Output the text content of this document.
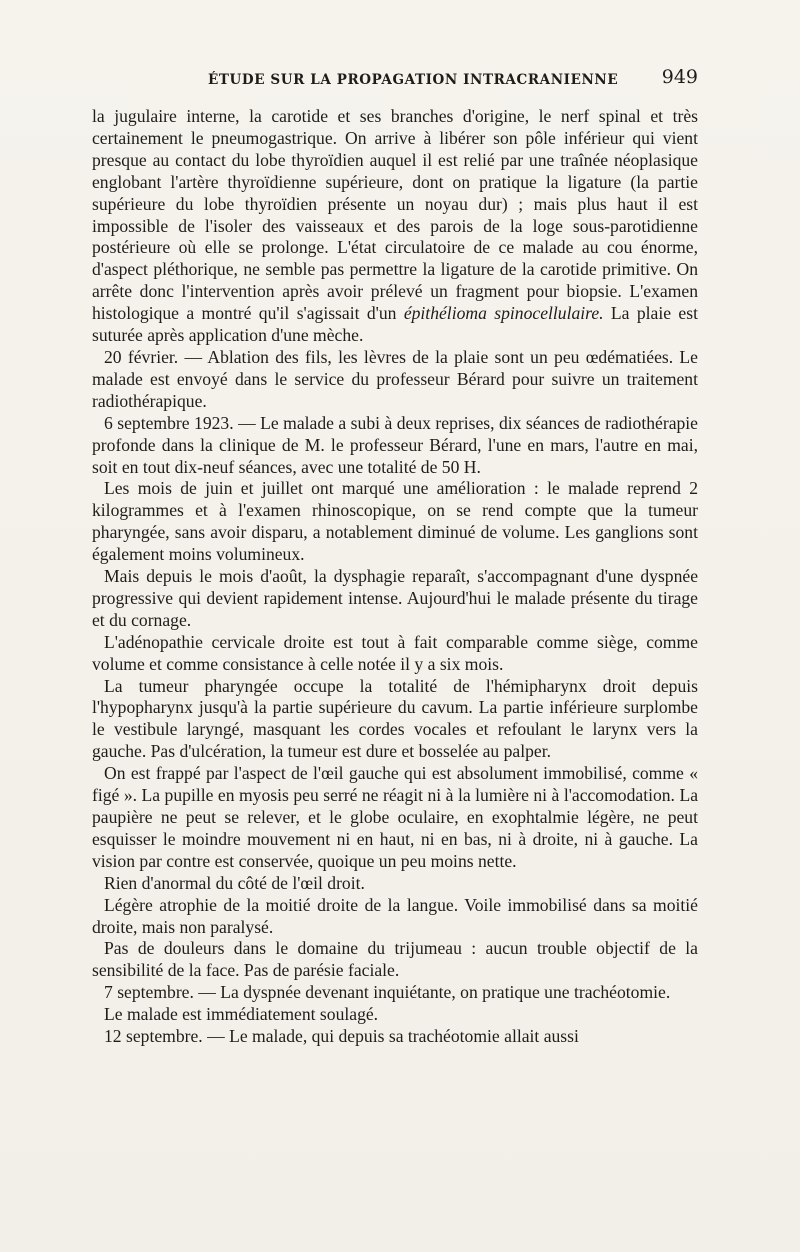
ÉTUDE SUR LA PROPAGATION INTRACRANIENNE 949

la jugulaire interne, la carotide et ses branches d'origine, le nerf spinal et très certainement le pneumogastrique. On arrive à libérer son pôle inférieur qui vient presque au contact du lobe thyroïdien auquel il est relié par une traînée néoplasique englobant l'artère thyroïdienne supérieure, dont on pratique la ligature (la partie supérieure du lobe thyroïdien présente un noyau dur) ; mais plus haut il est impossible de l'isoler des vaisseaux et des parois de la loge sous-parotidienne postérieure où elle se prolonge. L'état circulatoire de ce malade au cou énorme, d'aspect pléthorique, ne semble pas permettre la ligature de la carotide primitive. On arrête donc l'intervention après avoir prélevé un fragment pour biopsie. L'examen histologique a montré qu'il s'agissait d'un épithélioma spinocellulaire. La plaie est suturée après application d'une mèche.

20 février. — Ablation des fils, les lèvres de la plaie sont un peu œdématiées. Le malade est envoyé dans le service du professeur Bérard pour suivre un traitement radiothérapique.

6 septembre 1923. — Le malade a subi à deux reprises, dix séances de radiothérapie profonde dans la clinique de M. le professeur Bérard, l'une en mars, l'autre en mai, soit en tout dix-neuf séances, avec une totalité de 50 H.

Les mois de juin et juillet ont marqué une amélioration : le malade reprend 2 kilogrammes et à l'examen rhinoscopique, on se rend compte que la tumeur pharyngée, sans avoir disparu, a notablement diminué de volume. Les ganglions sont également moins volumineux.

Mais depuis le mois d'août, la dysphagie reparaît, s'accompagnant d'une dyspnée progressive qui devient rapidement intense. Aujourd'hui le malade présente du tirage et du cornage.

L'adénopathie cervicale droite est tout à fait comparable comme siège, comme volume et comme consistance à celle notée il y a six mois.

La tumeur pharyngée occupe la totalité de l'hémipharynx droit depuis l'hypopharynx jusqu'à la partie supérieure du cavum. La partie inférieure surplombe le vestibule laryngé, masquant les cordes vocales et refoulant le larynx vers la gauche. Pas d'ulcération, la tumeur est dure et bosselée au palper.

On est frappé par l'aspect de l'œil gauche qui est absolument immobilisé, comme « figé ». La pupille en myosis peu serré ne réagit ni à la lumière ni à l'accomodation. La paupière ne peut se relever, et le globe oculaire, en exophtalmie légère, ne peut esquisser le moindre mouvement ni en haut, ni en bas, ni à droite, ni à gauche. La vision par contre est conservée, quoique un peu moins nette.

Rien d'anormal du côté de l'œil droit.

Légère atrophie de la moitié droite de la langue. Voile immobilisé dans sa moitié droite, mais non paralysé.

Pas de douleurs dans le domaine du trijumeau : aucun trouble objectif de la sensibilité de la face. Pas de parésie faciale.

7 septembre. — La dyspnée devenant inquiétante, on pratique une trachéotomie.

Le malade est immédiatement soulagé.

12 septembre. — Le malade, qui depuis sa trachéotomie allait aussi
